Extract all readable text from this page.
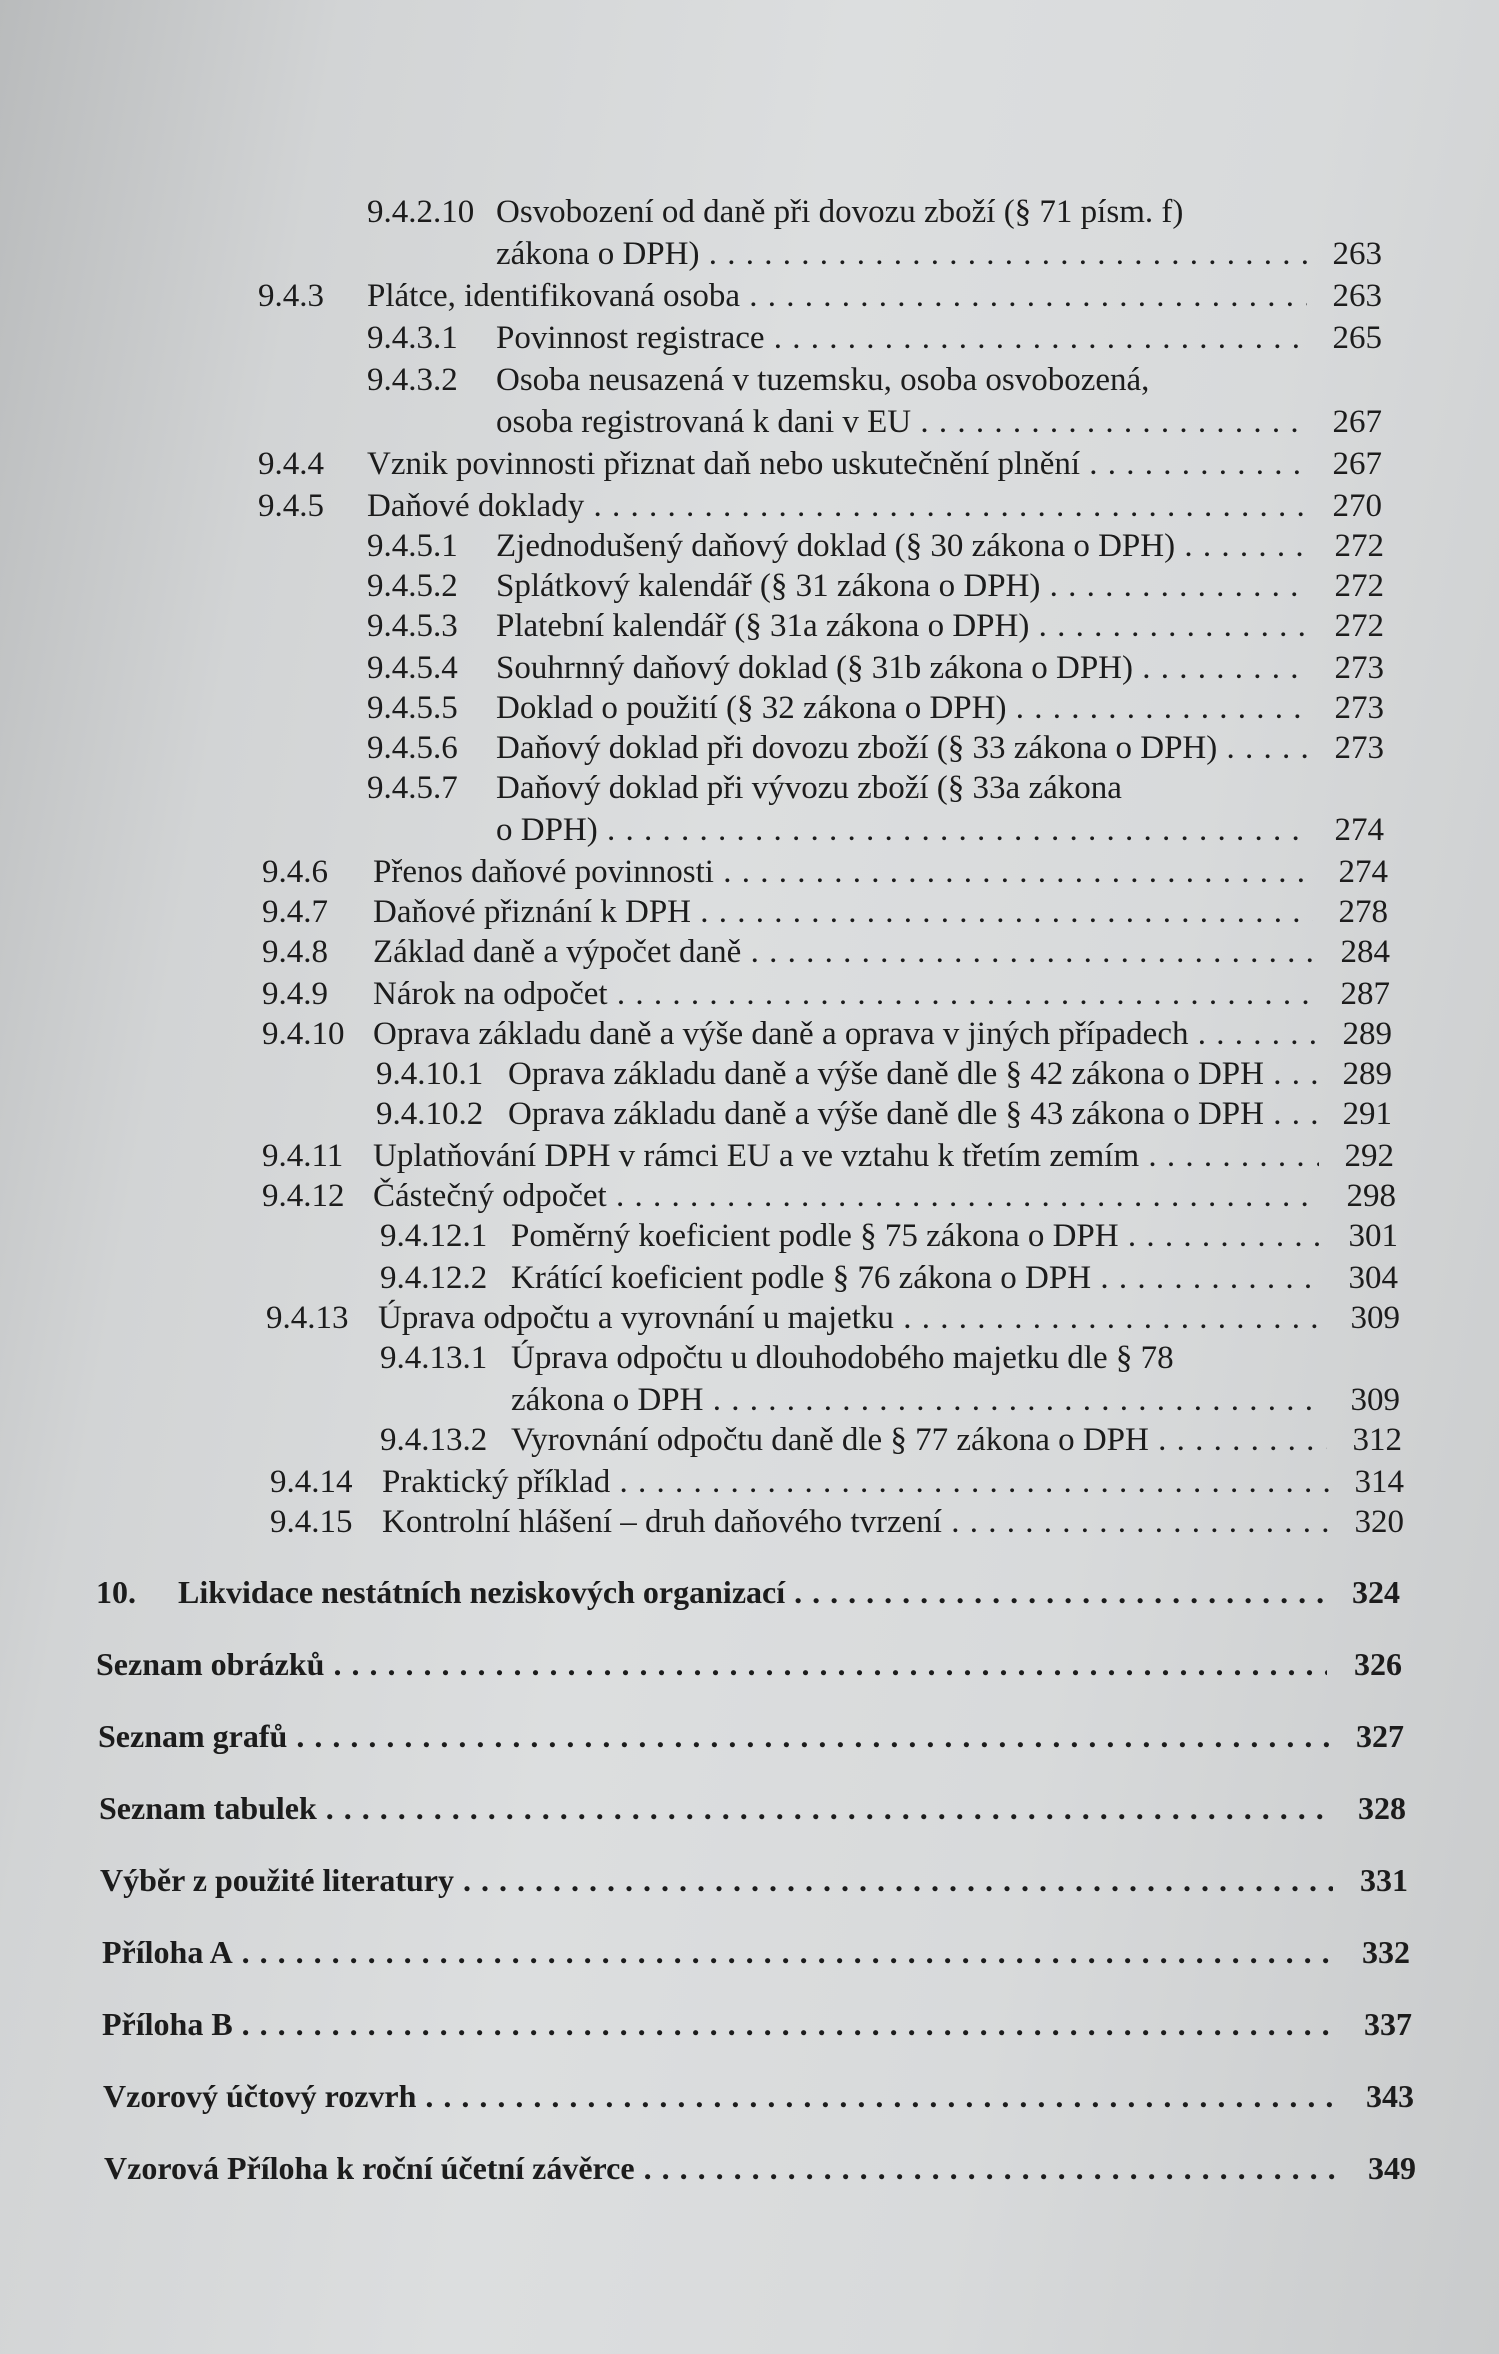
9.4.2.10 Osvobození od daně při dovozu zboží (§ 71 písm. f)
zákona o DPH) . . .	263
9.4.3 Plátce, identifikovaná osoba . . .	263
9.4.3.1 Povinnost registrace . . .	265
9.4.3.2 Osoba neusazená v tuzemsku, osoba osvobozená,
osoba registrovaná k dani v EU . . .	267
9.4.4 Vznik povinnosti přiznat daň nebo uskutečnění plnění . . .	267
9.4.5 Daňové doklady . . .	270
9.4.5.1 Zjednodušený daňový doklad (§ 30 zákona o DPH) . . .	272
9.4.5.2 Splátkový kalendář (§ 31 zákona o DPH) . . .	272
9.4.5.3 Platební kalendář (§ 31a zákona o DPH) . . .	272
9.4.5.4 Souhrnný daňový doklad (§ 31b zákona o DPH) . . .	273
9.4.5.5 Doklad o použití (§ 32 zákona o DPH) . . .	273
9.4.5.6 Daňový doklad při dovozu zboží (§ 33 zákona o DPH) . . .	273
9.4.5.7 Daňový doklad při vývozu zboží (§ 33a zákona
o DPH) . . .	274
9.4.6 Přenos daňové povinnosti . . .	274
9.4.7 Daňové přiznání k DPH . . .	278
9.4.8 Základ daně a výpočet daně . . .	284
9.4.9 Nárok na odpočet . . .	287
9.4.10 Oprava základu daně a výše daně a oprava v jiných případech . . .	289
9.4.10.1 Oprava základu daně a výše daně dle § 42 zákona o DPH . . .	289
9.4.10.2 Oprava základu daně a výše daně dle § 43 zákona o DPH . . .	291
9.4.11 Uplatňování DPH v rámci EU a ve vztahu k třetím zemím . . .	292
9.4.12 Částečný odpočet . . .	298
9.4.12.1 Poměrný koeficient podle § 75 zákona o DPH . . .	301
9.4.12.2 Krátící koeficient podle § 76 zákona o DPH . . .	304
9.4.13 Úprava odpočtu a vyrovnání u majetku . . .	309
9.4.13.1 Úprava odpočtu u dlouhodobého majetku dle § 78
zákona o DPH . . .	309
9.4.13.2 Vyrovnání odpočtu daně dle § 77 zákona o DPH . . .	312
9.4.14 Praktický příklad . . .	314
9.4.15 Kontrolní hlášení – druh daňového tvrzení . . .	320
10. Likvidace nestátních neziskových organizací . . .	324
Seznam obrázků . . .	326
Seznam grafů . . .	327
Seznam tabulek . . .	328
Výběr z použité literatury . . .	331
Příloha A . . .	332
Příloha B . . .	337
Vzorový účtový rozvrh . . .	343
Vzorová Příloha k roční účetní závěrce . . .	349
